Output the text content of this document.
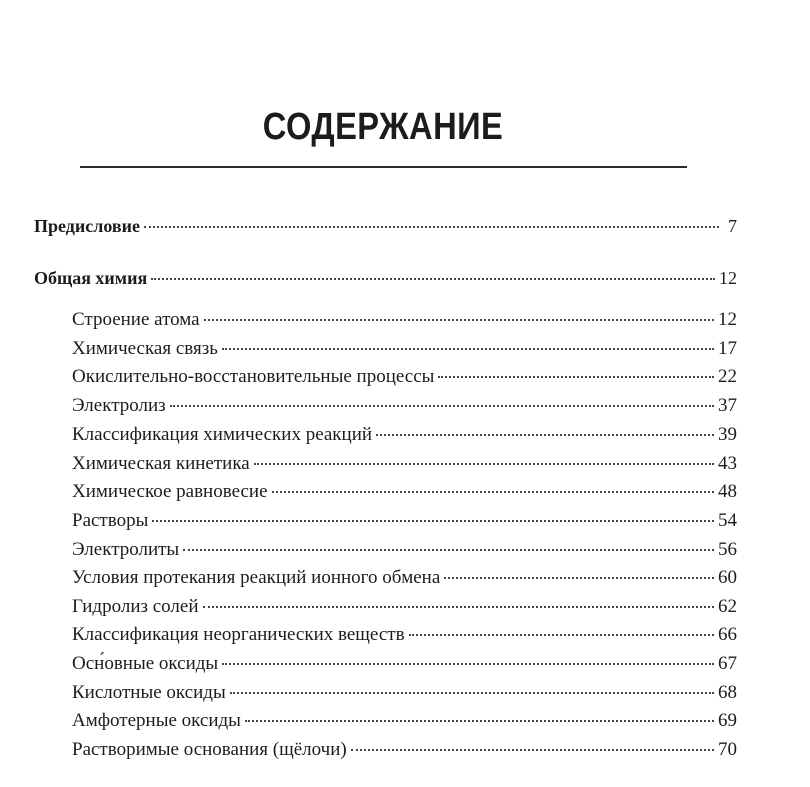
СОДЕРЖАНИЕ
Предисловие	7
Общая химия	12
Строение атома	12
Химическая связь	17
Окислительно-восстановительные процессы	22
Электролиз	37
Классификация химических реакций	39
Химическая кинетика	43
Химическое равновесие	48
Растворы	54
Электролиты	56
Условия протекания реакций ионного обмена	60
Гидролиз солей	62
Классификация неорганических веществ	66
Осн́овные оксиды	67
Кислотные оксиды	68
Амфотерные оксиды	69
Растворимые основания (щёлочи)	70
